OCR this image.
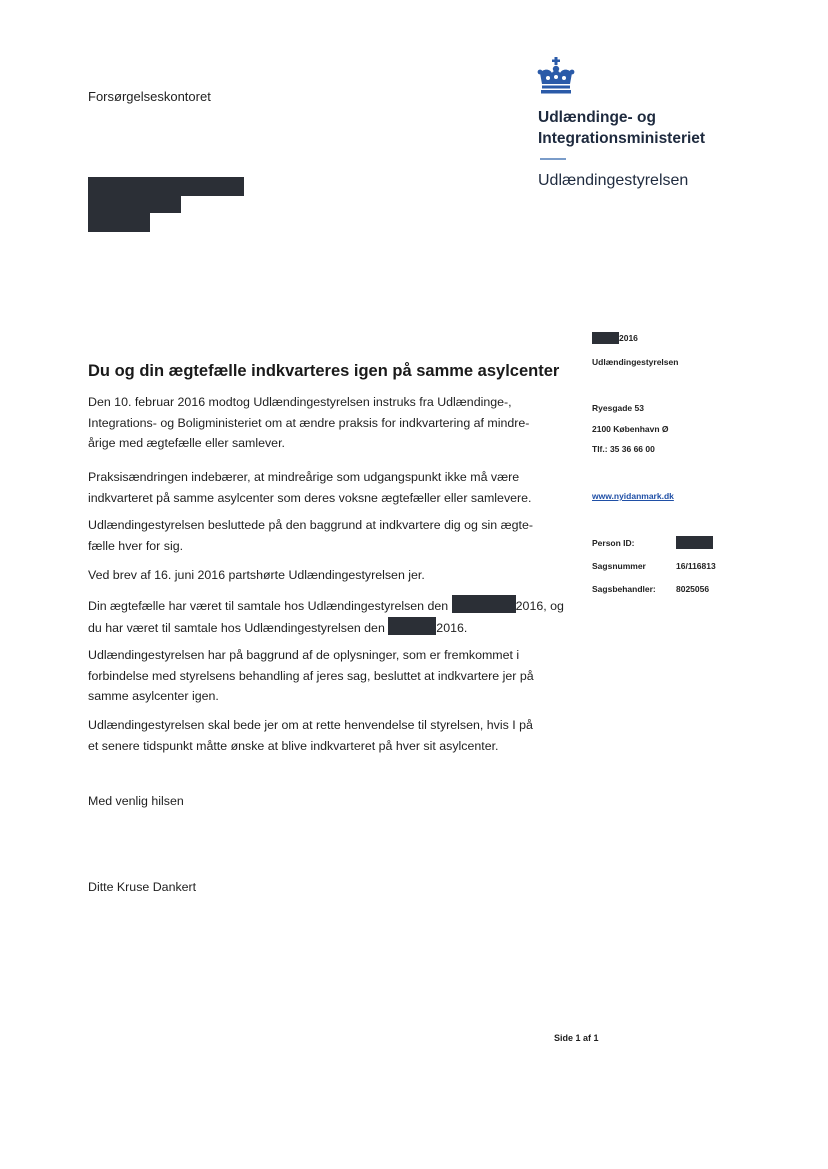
Forsørgelseskontoret
Udlændinge- og
Integrationsministeriet
Udlændingestyrelsen
2016
Udlændingestyrelsen
Ryesgade 53
2100 København Ø
Tlf.: 35 36 66 00
www.nyidanmark.dk
Person ID:
Sagsnummer	16/116813
Sagsbehandler: 8025056
Du og din ægtefælle indkvarteres igen på samme asylcenter
Den 10. februar 2016 modtog Udlændingestyrelsen instruks fra Udlændinge-,
Integrations- og Boligministeriet om at ændre praksis for indkvartering af mindre-
årige med ægtefælle eller samlever.
Praksisændringen indebærer, at mindreårige som udgangspunkt ikke må være
indkvarteret på samme asylcenter som deres voksne ægtefæller eller samlevere.
Udlændingestyrelsen besluttede på den baggrund at indkvartere dig og sin ægte-
fælle hver for sig.
Ved brev af 16. juni 2016 partshørte Udlændingestyrelsen jer.
Din ægtefælle har været til samtale hos Udlændingestyrelsen den	2016, og
du har været til samtale hos Udlændingestyrelsen den	2016.
Udlændingestyrelsen har på baggrund af de oplysninger, som er fremkommet i
forbindelse med styrelsens behandling af jeres sag, besluttet at indkvartere jer på
samme asylcenter igen.
Udlændingestyrelsen skal bede jer om at rette henvendelse til styrelsen, hvis I på
et senere tidspunkt måtte ønske at blive indkvarteret på hver sit asylcenter.
Med venlig hilsen
Ditte Kruse Dankert
Side 1 af 1
